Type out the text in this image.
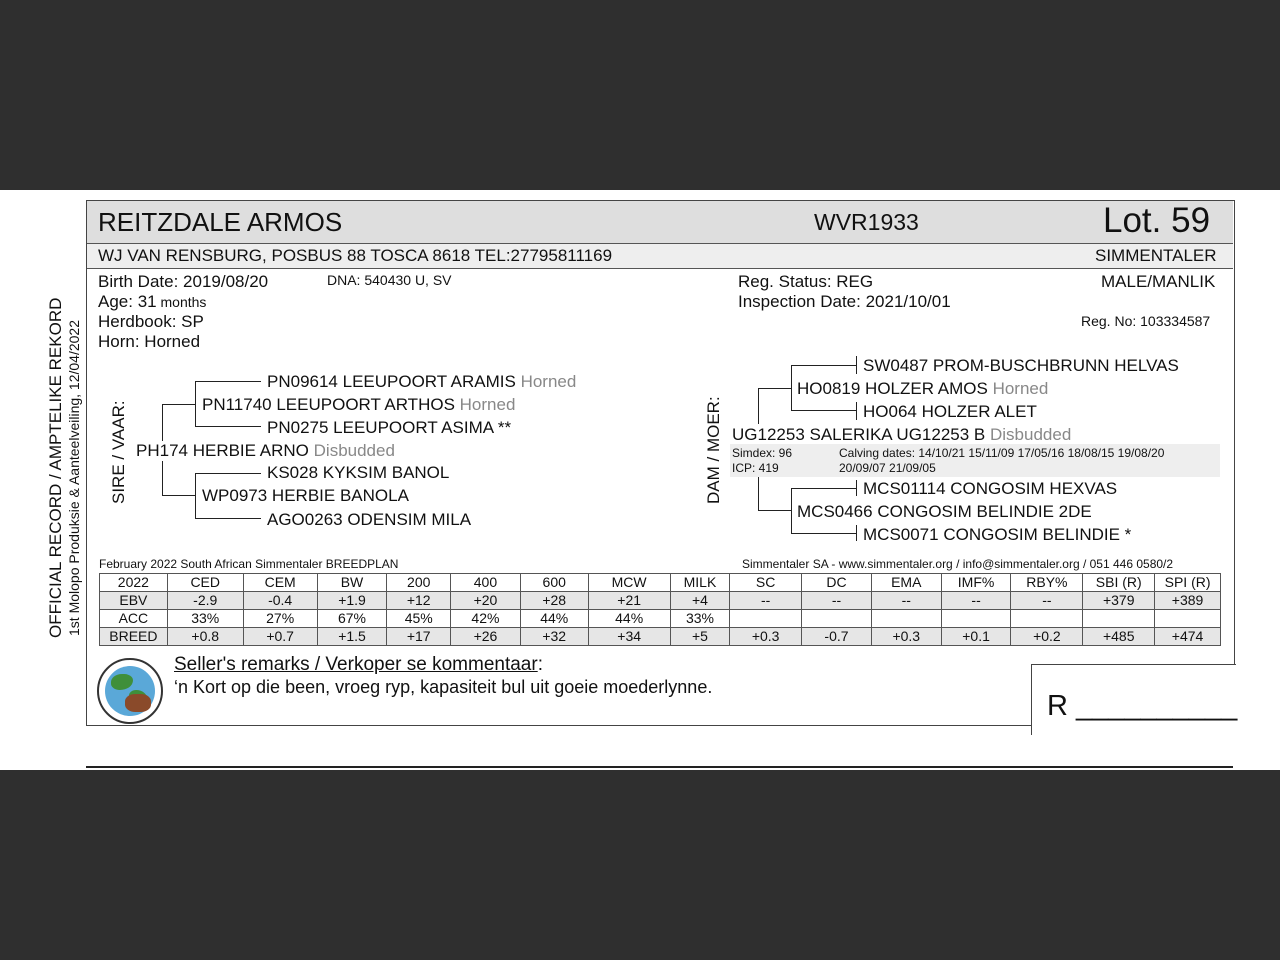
OFFICIAL RECORD / AMPTELIKE REKORD 1st Molopo Produksie & Aanteelveiling, 12/04/2022
REITZDALE ARMOS	WVR1933	Lot. 59
WJ VAN RENSBURG, POSBUS 88 TOSCA 8618 TEL:27795811169	SIMMENTALER
Birth Date: 2019/08/20	DNA: 540430 U, SV
Age: 31 months
Herdbook: SP
Horn: Horned
Reg. Status: REG
Inspection Date: 2021/10/01
MALE/MANLIK
Reg. No: 103334587
SIRE / VAAR:
PN09614 LEEUPOORT ARAMIS Horned
PN11740 LEEUPOORT ARTHOS Horned
PN0275 LEEUPOORT ASIMA **
PH174 HERBIE ARNO Disbudded
KS028 KYKSIM BANOL
WP0973 HERBIE BANOLA
AGO0263 ODENSIM MILA
DAM / MOER:
SW0487 PROM-BUSCHBRUNN HELVAS
HO0819 HOLZER AMOS Horned
HO064 HOLZER ALET
UG12253 SALERIKA UG12253 B Disbudded
Simdex: 96
ICP: 419
Calving dates: 14/10/21 15/11/09 17/05/16 18/08/15 19/08/20
20/09/07 21/09/05
MCS01114 CONGOSIM HEXVAS
MCS0466 CONGOSIM BELINDIE 2DE
MCS0071 CONGOSIM BELINDIE *
February 2022 South African Simmentaler BREEDPLAN	Simmentaler SA - www.simmentaler.org / info@simmentaler.org / 051 446 0580/2
2022	CED	CEM	BW	200	400	600	MCW	MILK	SC	DC	EMA	IMF%	RBY%	SBI (R)	SPI (R)
EBV	-2.9	-0.4	+1.9	+12	+20	+28	+21	+4	--	--	--	--	--	+379	+389
ACC	33%	27%	67%	45%	42%	44%	44%	33%							
BREED	+0.8	+0.7	+1.5	+17	+26	+32	+34	+5	+0.3	-0.7	+0.3	+0.1	+0.2	+485	+474
Seller's remarks / Verkoper se kommentaar:
‘n Kort op die been, vroeg ryp, kapasiteit bul uit goeie moederlynne.
R __________
